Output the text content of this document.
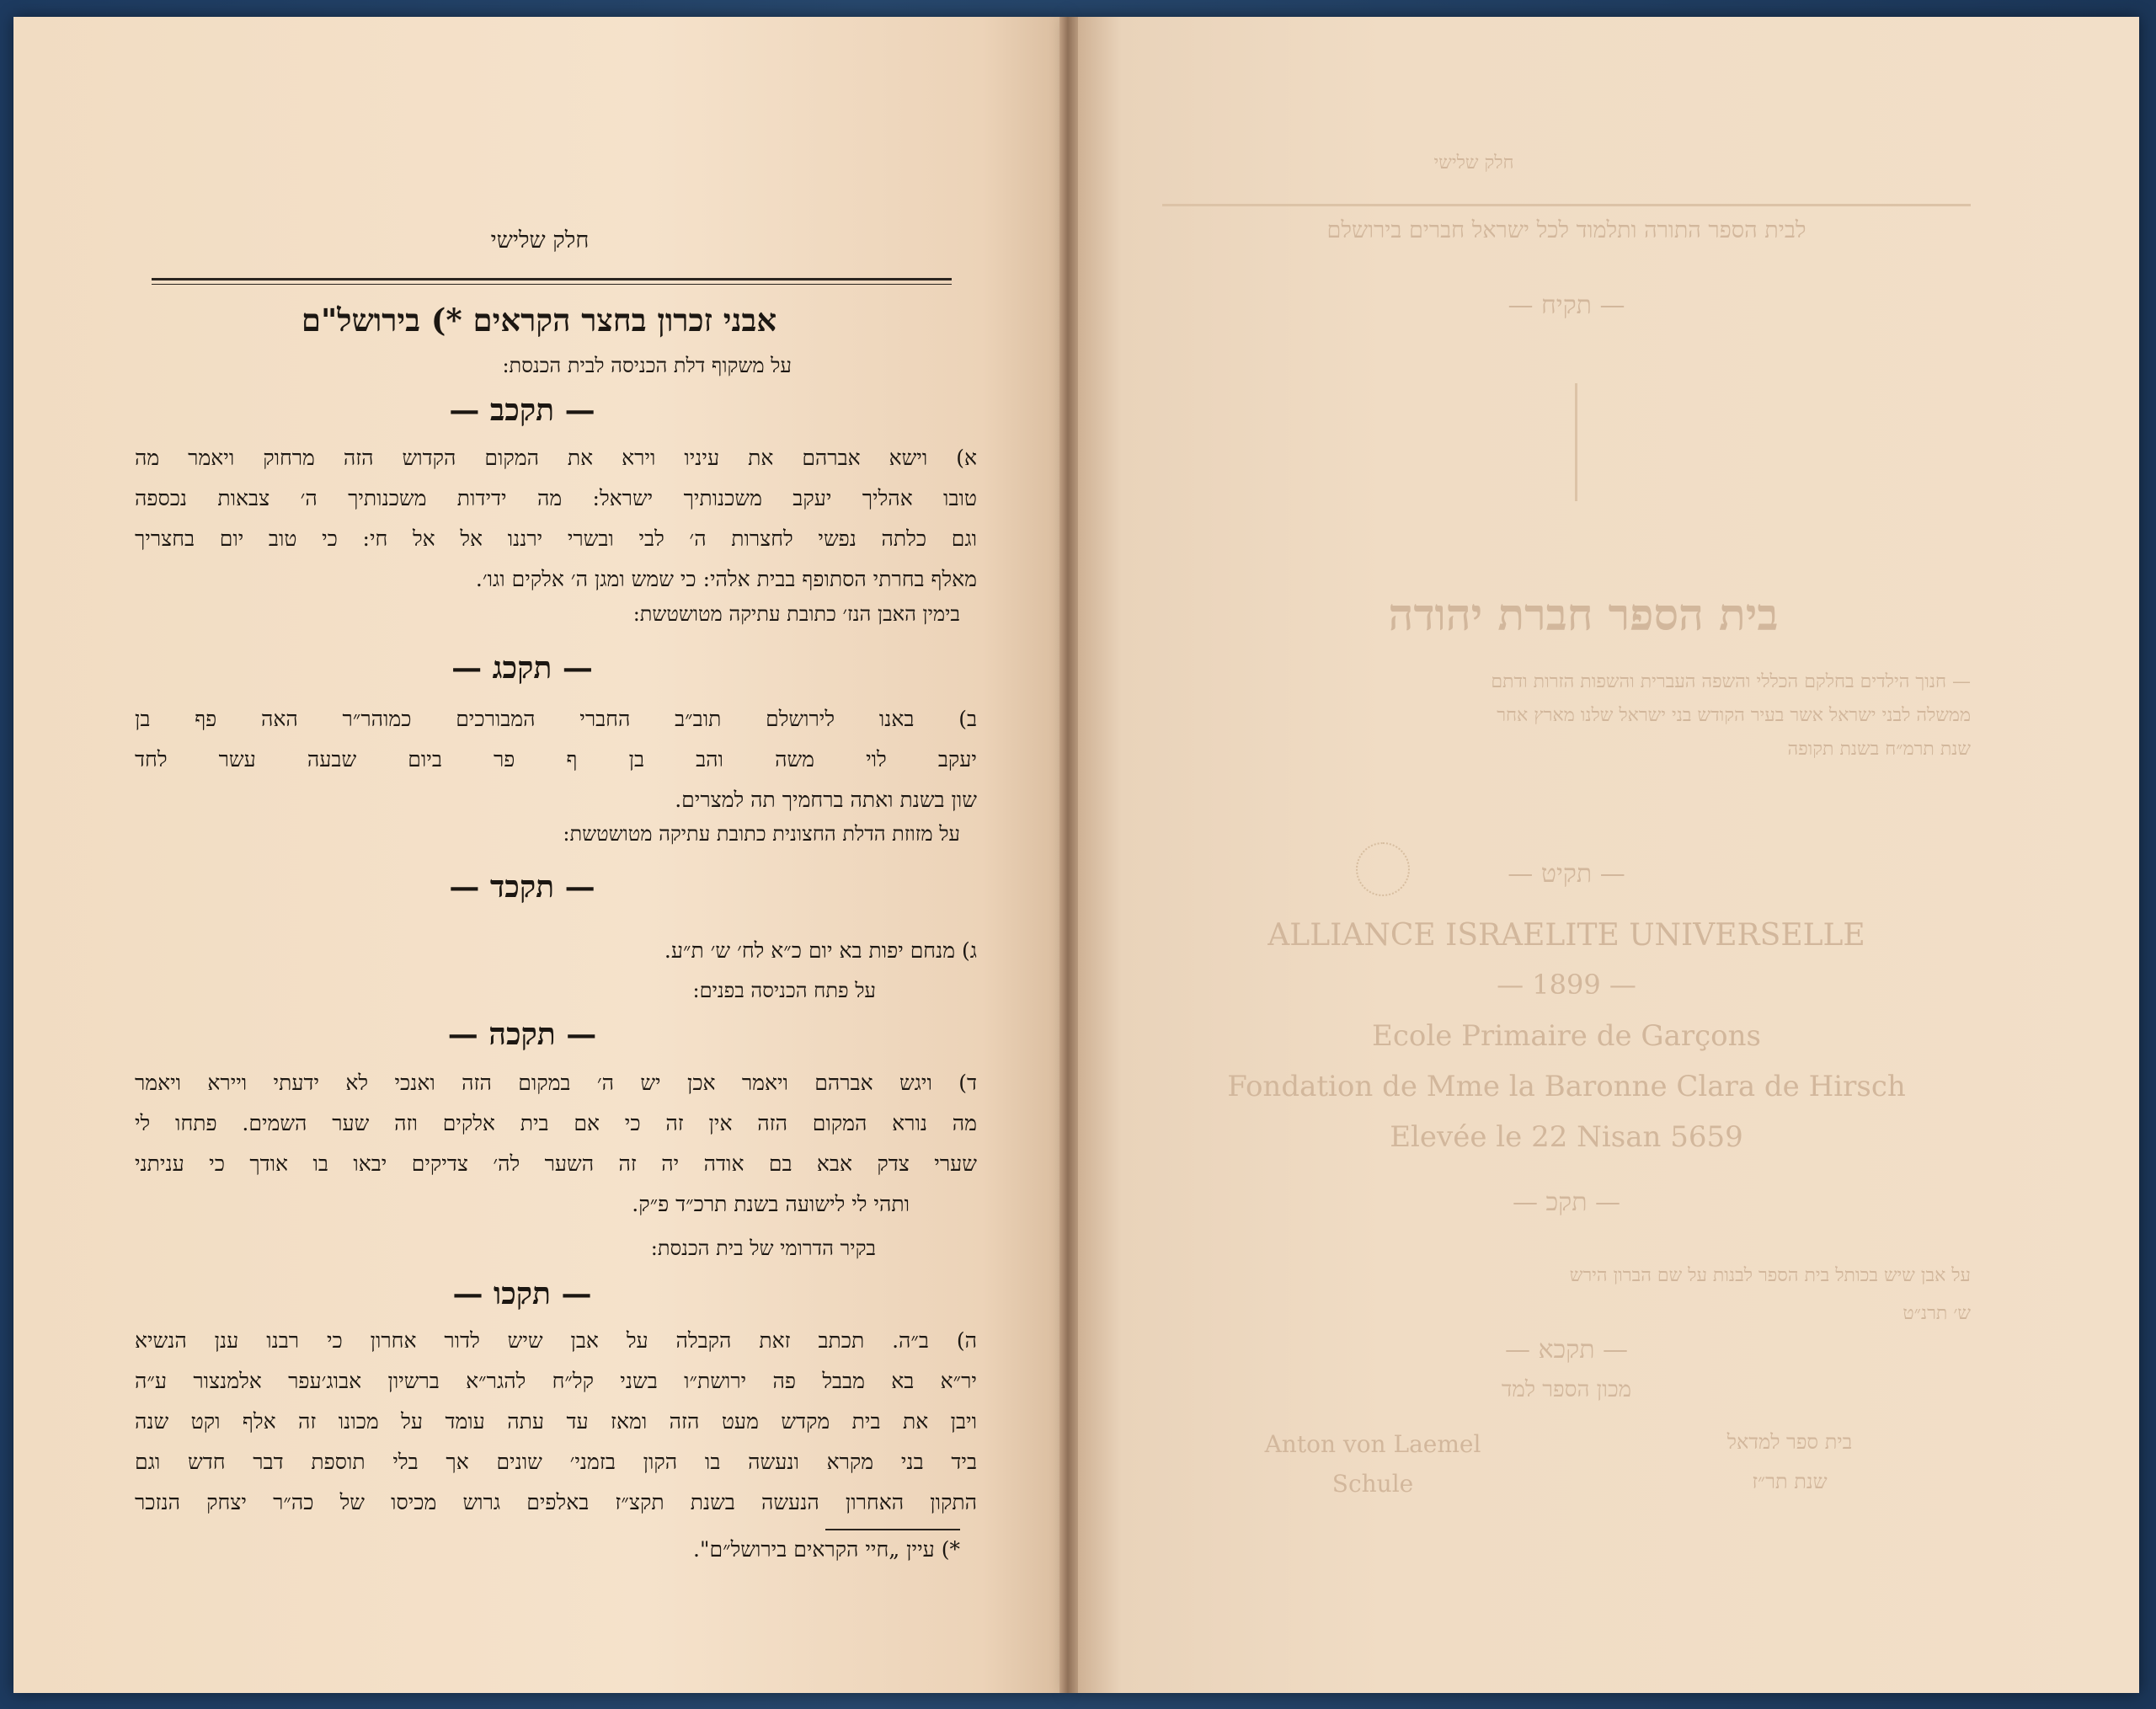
חלק שלישי
אבני זכרון בחצר הקראים *) בירושל"ם
על משקוף דלת הכניסה לבית הכנסת:
— תקכב —
א) וישא אברהם את עיניו וירא את המקום הקדוש הזה מרחוק ויאמר מה
טובו אהליך יעקב משכנותיך ישראל: מה ידידות משכנותיך ה׳ צבאות נכספה
וגם כלתה נפשי לחצרות ה׳ לבי ובשרי ירננו אל אל חי: כי טוב יום בחצריך
מאלף בחרתי הסתופף בבית אלהי: כי שמש ומגן ה׳ אלקים וגו׳.
בימין האבן הנז׳ כתובת עתיקה מטושטשת:
— תקכג —
ב) באנו לירושלם תוב״ב החברי המבורכים כמוהר״ר האה פף בן
יעקב לוי משה והב בן ף פר ביום שבעה עשר לחד
שון בשנת ואתה ברחמיך תה למצרים.
על מזוזת הדלת החצונית כתובת עתיקה מטושטשת:
— תקכד —
ג) מנחם יפות בא יום כ״א לח׳ ש׳ ת״ע.
על פתח הכניסה בפנים:
— תקכה —
ד) ויגש אברהם ויאמר אכן יש ה׳ במקום הזה ואנכי לא ידעתי ויירא ויאמר
מה נורא המקום הזה אין זה כי אם בית אלקים וזה שער השמים. פתחו לי
שערי צדק אבא בם אודה יה זה השער לה׳ צדיקים יבאו בו אודך כי עניתני
ותהי לי לישועה בשנת תרכ״ד פ״ק.
בקיר הדרומי של בית הכנסת:
— תקכו —
ה) ב״ה. תכתב זאת הקבלה על אבן שיש לדור אחרון כי רבנו ענן הנשיא
יר״א בא מבבל פה ירושת״ו בשני קל״ח להגר״א ברשיון אבוג׳עפר אלמנצור ע״ה
ויבן את בית מקדש מעט הזה ומאז עד עתה עומד על מכונו זה אלף וקט שנה
ביד בני מקרא ונעשה בו הקון בזמני׳ שונים אך בלי תוספת דבר חדש וגם
התקון האחרון הנעשה בשנת תקצ״ז באלפים גרוש מכיסו של כה״ר יצחק הנזכר
*) עיין „חיי הקראים בירושל״ם".
חלק שלישי
לבית הספר התורה ותלמוד לכל ישראל חברים בירושלם
— תקיח —
בית הספר חברת יהודה
— חנוך הילדים בחלקם הכללי והשפה העברית והשפות הזרות ודתם
ממשלה לבני ישראל אשר בעיר הקודש בני ישראל שלנו מארץ אחר
שנת תרמ״ח בשנת תקופה
— תקיט —
ALLIANCE ISRAELITE UNIVERSELLE
— 1899 —
Ecole Primaire de Garçons
Fondation de Mme la Baronne Clara de Hirsch
Elevée le 22 Nisan 5659
— תקכ —
על אבן שיש בכותל בית הספר לבנות על שם הברון הירש
ש׳ תרנ״ט
— תקכא —
מכון הספר למד
Anton von Laemel
Schule
בית ספר למדאל
שנת תר״ז
